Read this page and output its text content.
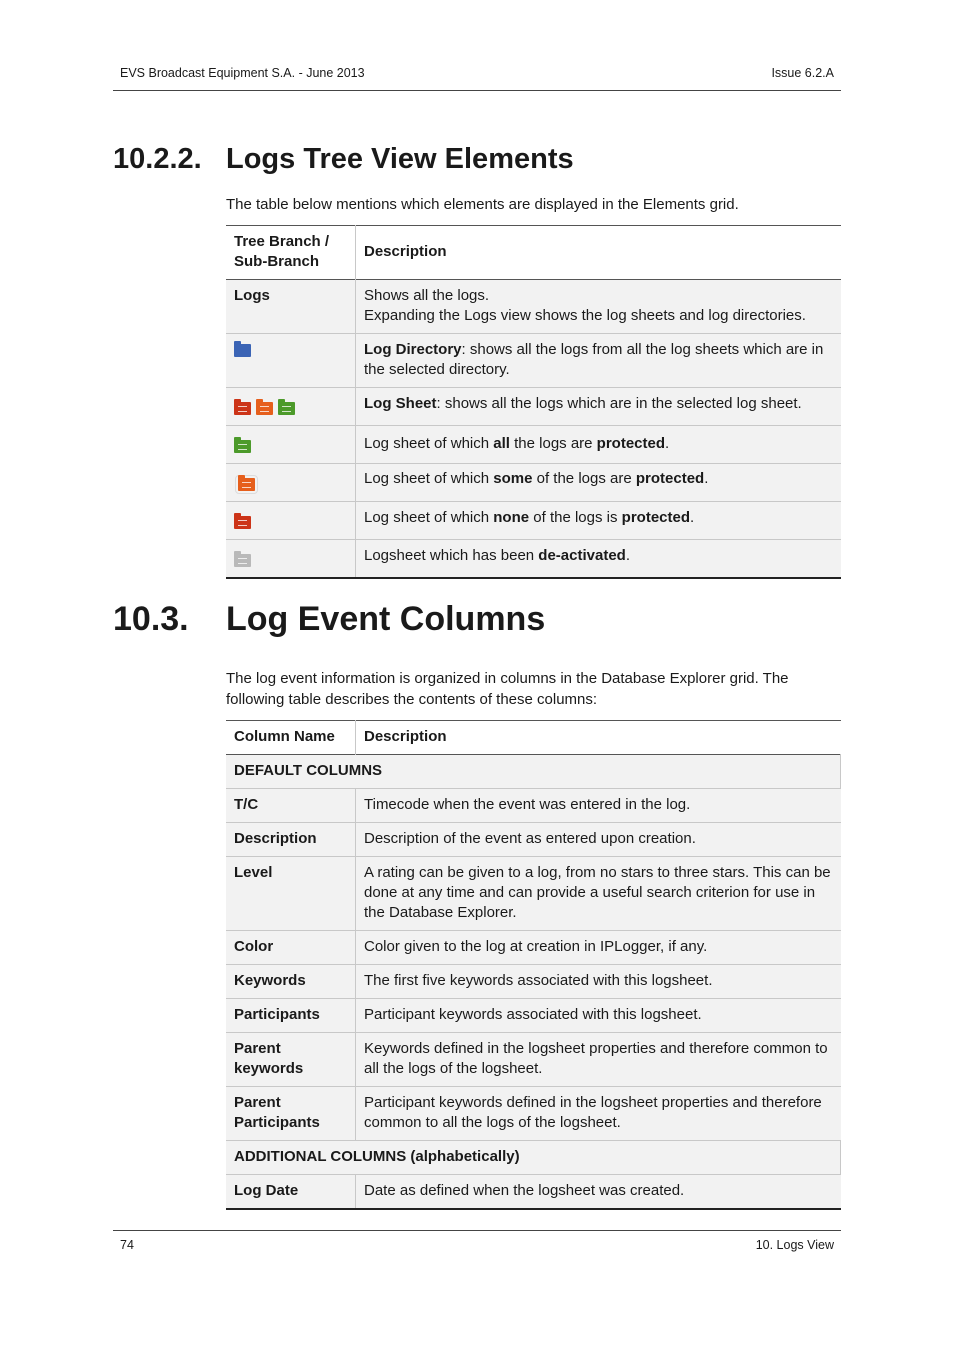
EVS Broadcast Equipment S.A. - June 2013	Issue 6.2.A
10.2.2. Logs Tree View Elements

The table below mentions which elements are displayed in the Elements grid.

Tree Branch / Sub-Branch	Description
Logs	Shows all the logs.
Expanding the Logs view shows the log sheets and log directories.
	Log Directory: shows all the logs from all the log sheets which are in the selected directory.
	Log Sheet: shows all the logs which are in the selected log sheet.
	Log sheet of which all the logs are protected.
	Log sheet of which some of the logs are protected.
	Log sheet of which none of the logs is protected.
	Logsheet which has been de-activated.
10.3. Log Event Columns

The log event information is organized in columns in the Database Explorer grid. The following table describes the contents of these columns:

Column Name	Description
DEFAULT COLUMNS	
T/C	Timecode when the event was entered in the log.
Description	Description of the event as entered upon creation.
Level	A rating can be given to a log, from no stars to three stars. This can be done at any time and can provide a useful search criterion for use in the Database Explorer.
Color	Color given to the log at creation in IPLogger, if any.
Keywords	The first five keywords associated with this logsheet.
Participants	Participant keywords associated with this logsheet.
Parent keywords	Keywords defined in the logsheet properties and therefore common to all the logs of the logsheet.
Parent Participants	Participant keywords defined in the logsheet properties and therefore common to all the logs of the logsheet.
ADDITIONAL COLUMNS (alphabetically)	
Log Date	Date as defined when the logsheet was created.
74	10. Logs View
